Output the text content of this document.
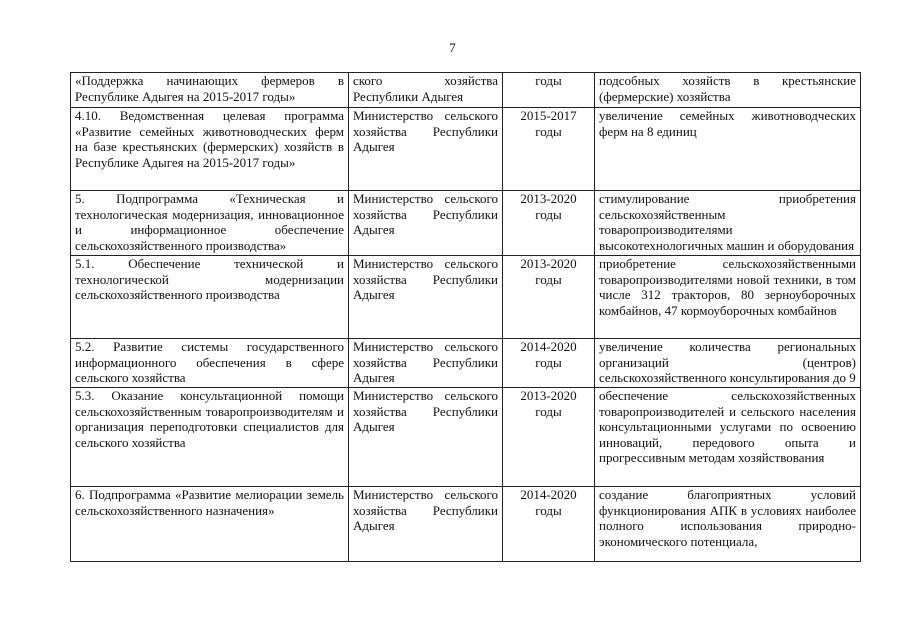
7
«Поддержка начинающих фермеров в Республике Адыгея на 2015-2017 годы»	ского хозяйства Республики Адыгея	годы	подсобных хозяйств в крестьянские (фермерские) хозяйства
4.10. Ведомственная целевая программа «Развитие семейных животноводческих ферм на базе крестьянских (фермерских) хозяйств в Республике Адыгея на 2015-2017 годы»	Министерство сельского хозяйства Республики Адыгея	2015-2017 годы	увеличение семейных животноводческих ферм на 8 единиц
5. Подпрограмма «Техническая и технологическая модернизация, инновационное и информационное обеспечение сельскохозяйственного производства»	Министерство сельского хозяйства Республики Адыгея	2013-2020 годы	стимулирование приобретения сельскохозяйственным товаропроизводителями высокотехнологичных машин и оборудования
5.1. Обеспечение технической и технологической модернизации сельскохозяйственного производства	Министерство сельского хозяйства Республики Адыгея	2013-2020 годы	приобретение сельскохозяйственными товаропроизводителями новой техники, в том числе 312 тракторов, 80 зерноуборочных комбайнов, 47 кормоуборочных комбайнов
5.2. Развитие системы государственного информационного обеспечения в сфере сельского хозяйства	Министерство сельского хозяйства Республики Адыгея	2014-2020 годы	увеличение количества региональных организаций (центров) сельскохозяйственного консультирования до 9
5.3. Оказание консультационной помощи сельскохозяйственным товаропроизводителям и организация переподготовки специалистов для сельского хозяйства	Министерство сельского хозяйства Республики Адыгея	2013-2020 годы	обеспечение сельскохозяйственных товаропроизводителей и сельского населения консультационными услугами по освоению инноваций, передового опыта и прогрессивным методам хозяйствования
6. Подпрограмма «Развитие мелиорации земель сельскохозяйственного назначения»	Министерство сельского хозяйства Республики Адыгея	2014-2020 годы	создание благоприятных условий функционирования АПК в условиях наиболее полного использования природно-экономического потенциала,
